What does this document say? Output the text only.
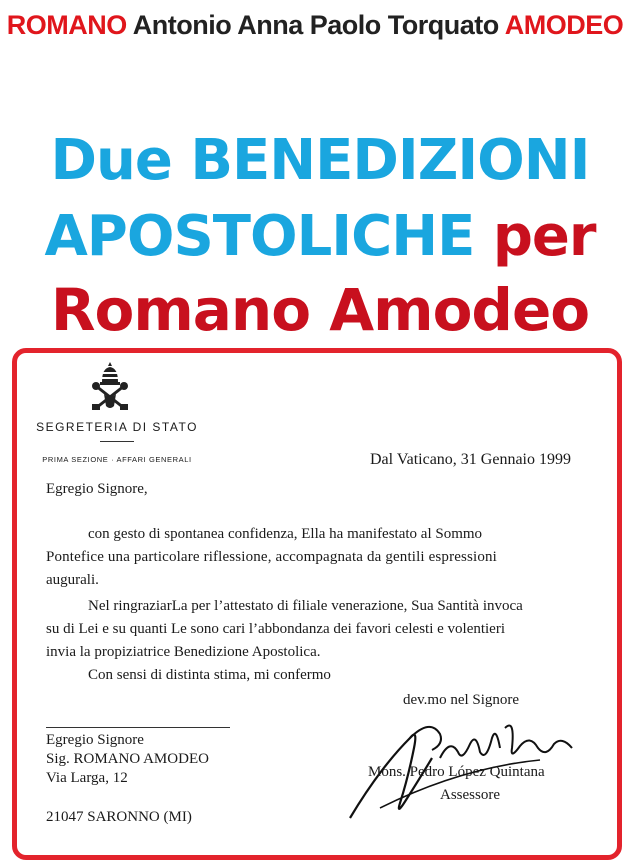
ROMANO Antonio Anna Paolo Torquato AMODEO
Due BENEDIZIONI
APOSTOLICHE per
Romano Amodeo
SEGRETERIA DI STATO
PRIMA SEZIONE · AFFARI GENERALI	Dal Vaticano, 31 Gennaio 1999
Egregio Signore,
con gesto di spontanea confidenza, Ella ha manifestato al Sommo
Pontefice una particolare riflessione, accompagnata da gentili espressioni
augurali.
Nel ringraziarLa per l’attestato di filiale venerazione, Sua Santità invoca
su di Lei e su quanti Le sono cari l’abbondanza dei favori celesti e volentieri
invia la propiziatrice Benedizione Apostolica.
Con sensi di distinta stima, mi confermo
dev.mo nel Signore
Mons. Pedro López Quintana
Assessore
Egregio Signore
Sig. ROMANO AMODEO
Via Larga, 12
21047 SARONNO (MI)
